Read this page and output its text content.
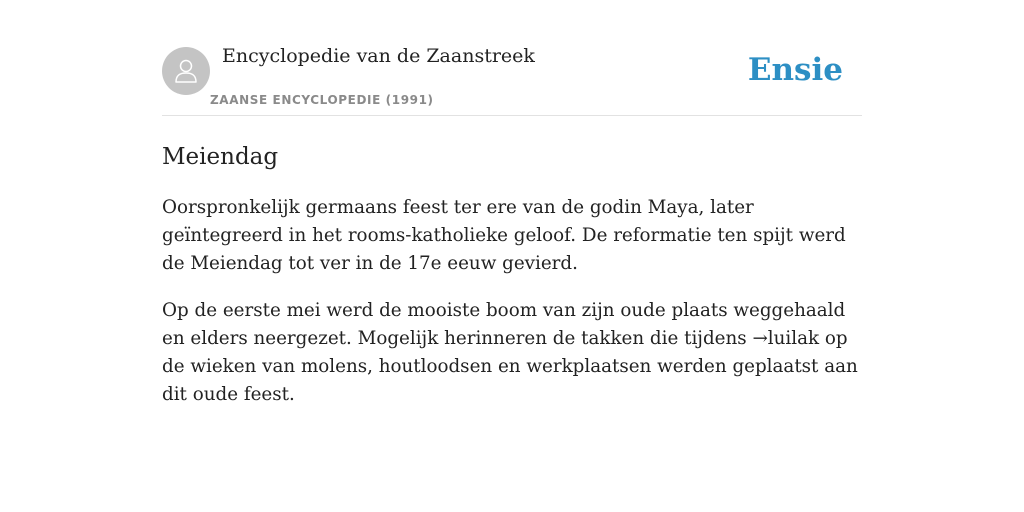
Encyclopedie van de Zaanstreek
ZAANSE ENCYCLOPEDIE (1991)
Ensie
Meiendag

Oorspronkelijk germaans feest ter ere van de godin Maya, later geïntegreerd in het rooms-katholieke geloof. De reformatie ten spijt werd de Meiendag tot ver in de 17e eeuw gevierd.

Op de eerste mei werd de mooiste boom van zijn oude plaats weggehaald en elders neergezet. Mogelijk herinneren de takken die tijdens →luilak op de wieken van molens, houtloodsen en werkplaatsen werden geplaatst aan dit oude feest.
